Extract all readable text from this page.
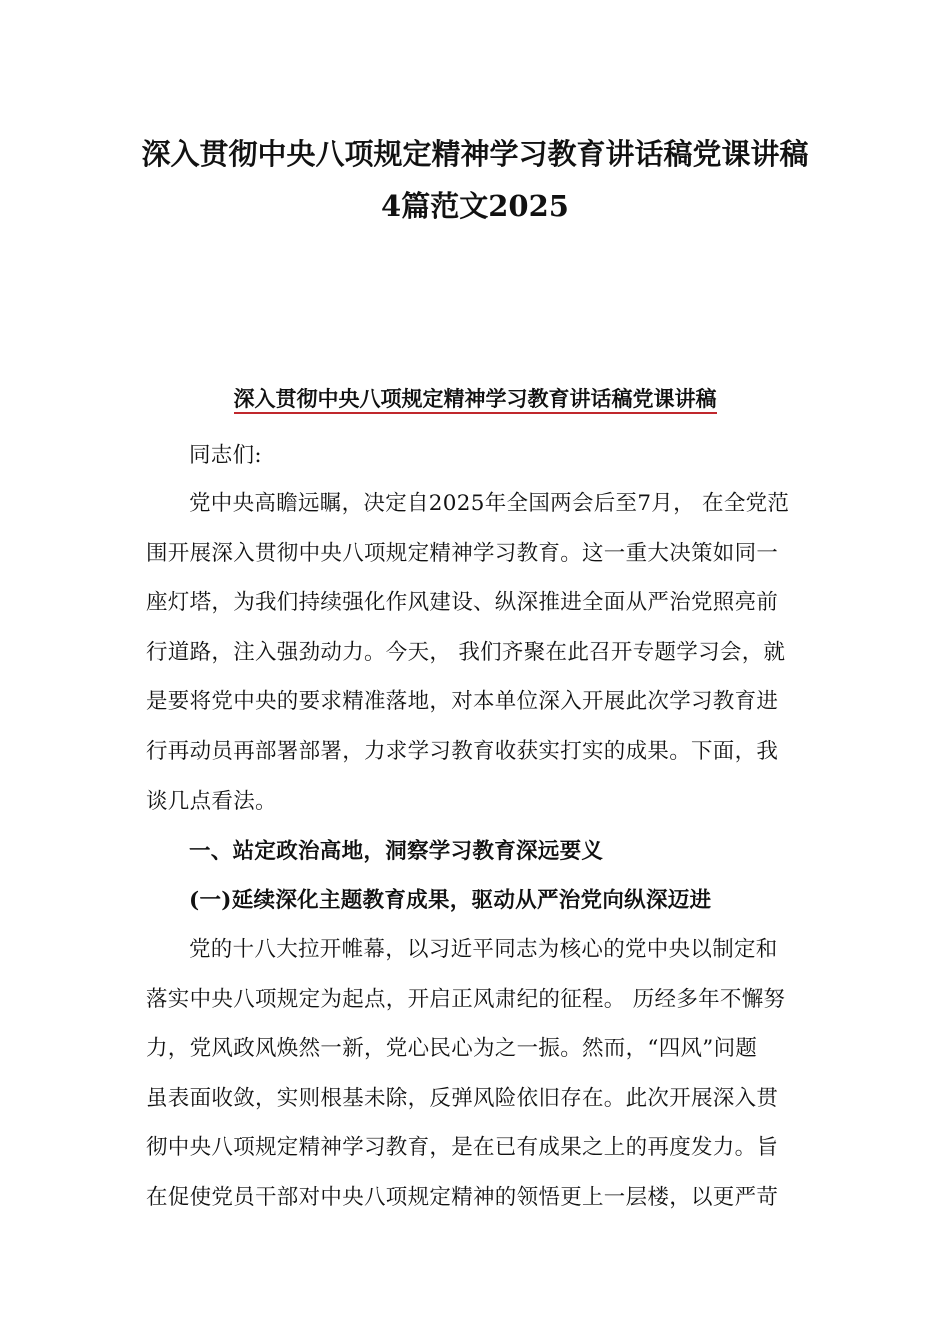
深入贯彻中央八项规定精神学习教育讲话稿党课讲稿
4篇范文2025
深入贯彻中央八项规定精神学习教育讲话稿党课讲稿
同志们:
党中央高瞻远瞩，决定自2025年全国两会后至7月， 在全党范
围开展深入贯彻中央八项规定精神学习教育。这一重大决策如同一
座灯塔，为我们持续强化作风建设、纵深推进全面从严治党照亮前
行道路，注入强劲动力。今天， 我们齐聚在此召开专题学习会，就
是要将党中央的要求精准落地，对本单位深入开展此次学习教育进
行再动员再部署部署，力求学习教育收获实打实的成果。下面，我
谈几点看法。
一、站定政治高地，洞察学习教育深远要义
(一)延续深化主题教育成果，驱动从严治党向纵深迈进
党的十八大拉开帷幕，以习近平同志为核心的党中央以制定和
落实中央八项规定为起点，开启正风肃纪的征程。 历经多年不懈努
力，党风政风焕然一新，党心民心为之一振。然而，“四风”问题
虽表面收敛，实则根基未除，反弹风险依旧存在。此次开展深入贯
彻中央八项规定精神学习教育，是在已有成果之上的再度发力。旨
在促使党员干部对中央八项规定精神的领悟更上一层楼，以更严苛
